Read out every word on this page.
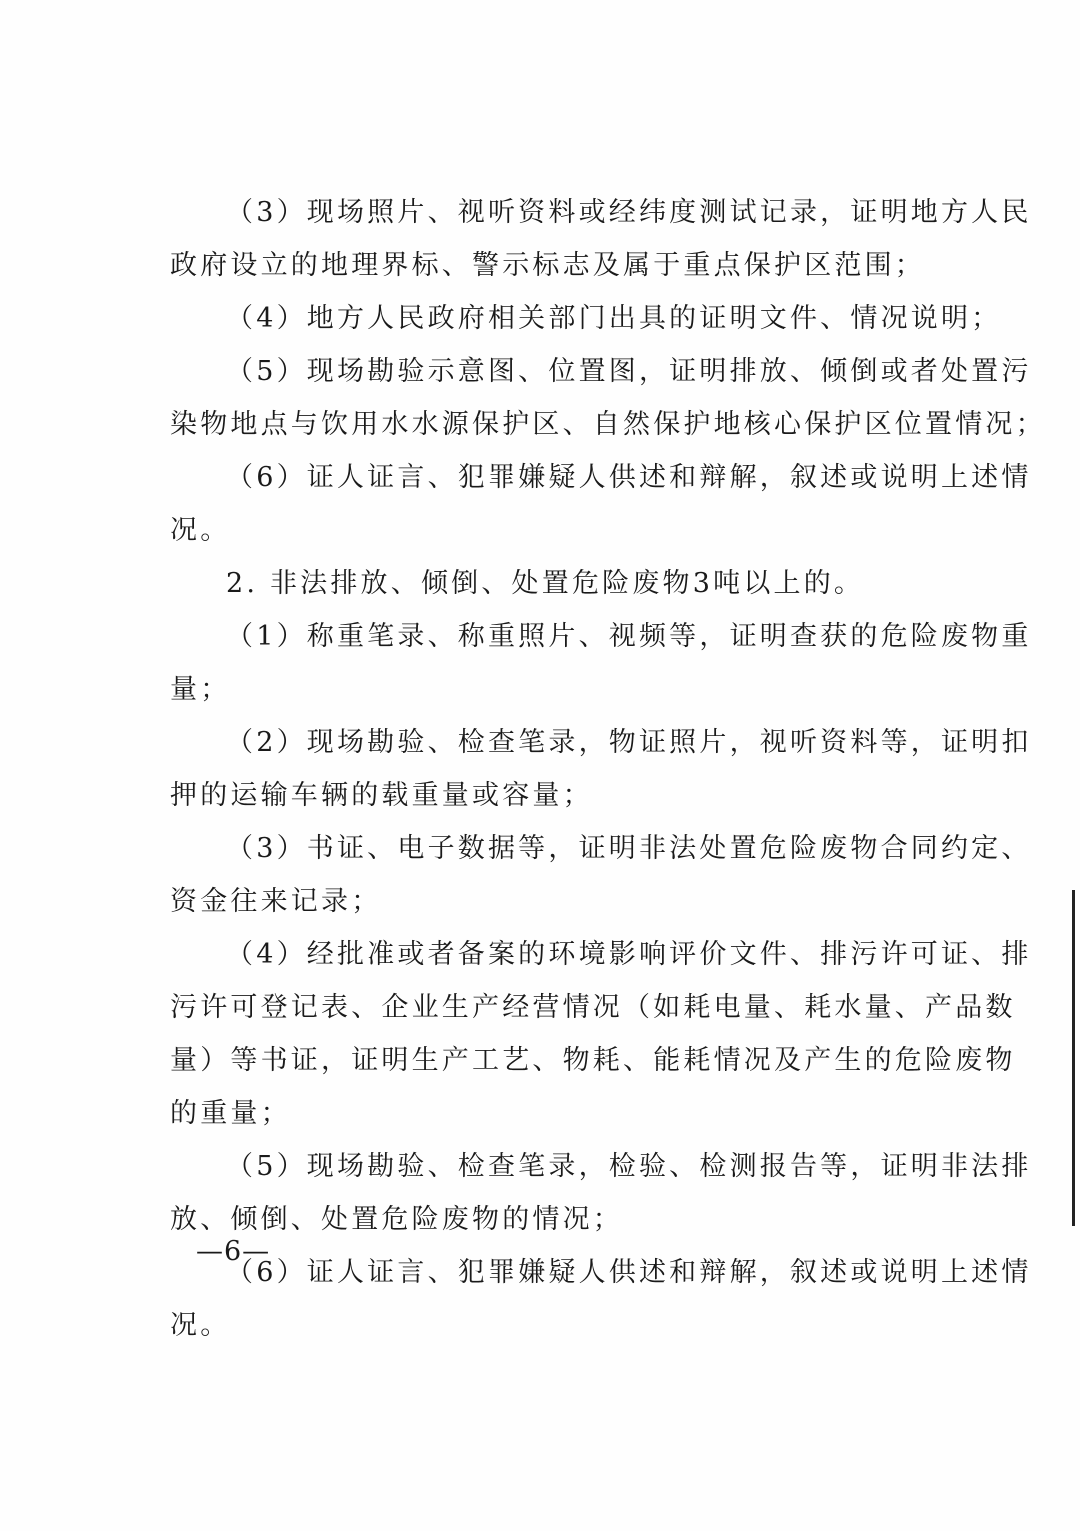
（3）现场照片、视听资料或经纬度测试记录，证明地方人民
政府设立的地理界标、警示标志及属于重点保护区范围；
（4）地方人民政府相关部门出具的证明文件、情况说明；
（5）现场勘验示意图、位置图，证明排放、倾倒或者处置污
染物地点与饮用水水源保护区、自然保护地核心保护区位置情况；
（6）证人证言、犯罪嫌疑人供述和辩解，叙述或说明上述情
况。
2. 非法排放、倾倒、处置危险废物3吨以上的。
（1）称重笔录、称重照片、视频等，证明查获的危险废物重
量；
（2）现场勘验、检查笔录，物证照片，视听资料等，证明扣
押的运输车辆的载重量或容量；
（3）书证、电子数据等，证明非法处置危险废物合同约定、
资金往来记录；
（4）经批准或者备案的环境影响评价文件、排污许可证、排
污许可登记表、企业生产经营情况（如耗电量、耗水量、产品数
量）等书证，证明生产工艺、物耗、能耗情况及产生的危险废物
的重量；
（5）现场勘验、检查笔录，检验、检测报告等，证明非法排
放、倾倒、处置危险废物的情况；
（6）证人证言、犯罪嫌疑人供述和辩解，叙述或说明上述情
况。
—6—
